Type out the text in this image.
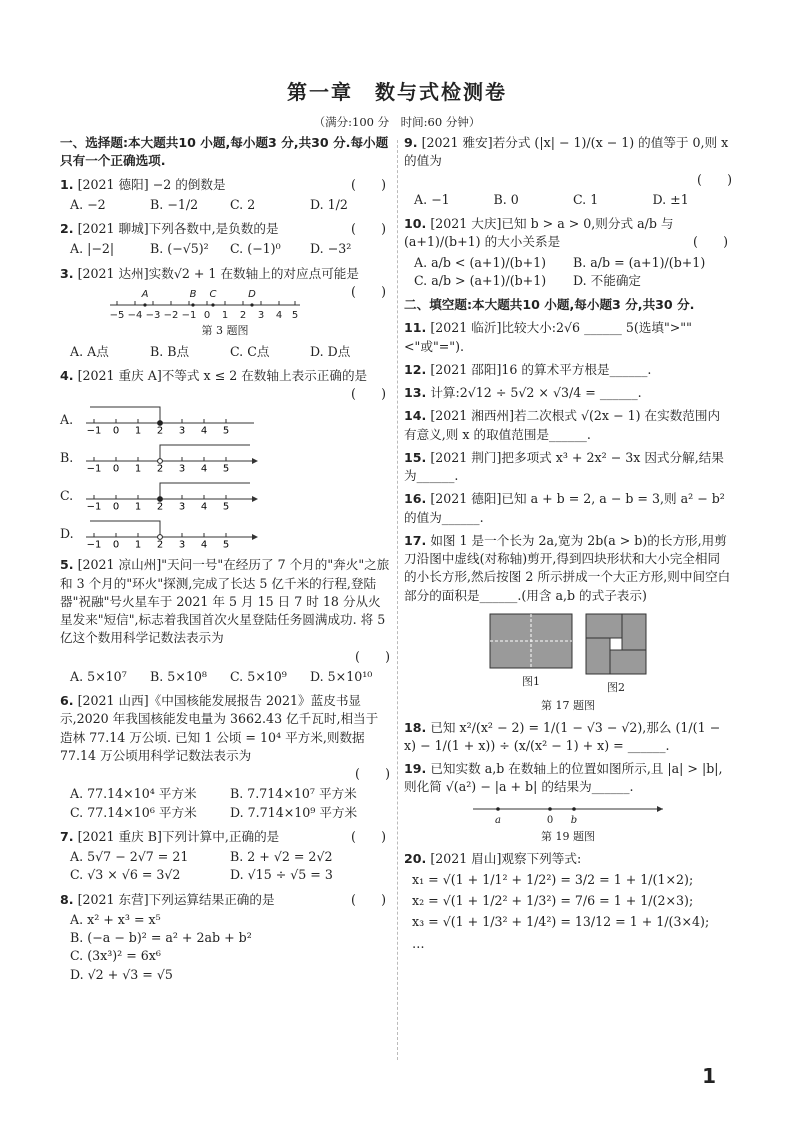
第一章　数与式检测卷
（满分:100 分　时间:60 分钟）
一、选择题:本大题共10 小题,每小题3 分,共30 分.每小题只有一个正确选项.
1. [2021 德阳] −2 的倒数是	(　　)
A. −2	B. −1/2	C. 2	D. 1/2
2. [2021 聊城]下列各数中,是负数的是	(　　)
A. |−2|	B. (−√5)²	C. (−1)⁰	D. −3²
3. [2021 达州]实数√2 + 1 在数轴上的对应点可能是
(　　)
−5 −4 −3 −2 −1 0 1 2 3 4 5
A	B C	D
第 3 题图
A. A点	B. B点	C. C点	D. D点
4. [2021 重庆 A]不等式 x ≤ 2 在数轴上表示正确的是
(　　)
A.
−1 0 1 2 3 4 5
B.
−1 0 1 2 3 4 5
C.
−1 0 1 2 3 4 5
D.
−1 0 1 2 3 4 5
5. [2021 凉山州]"天问一号"在经历了 7 个月的"奔火"之旅和 3 个月的"环火"探测,完成了长达 5 亿千米的行程,登陆器"祝融"号火星车于 2021 年 5 月 15 日 7 时 18 分从火星发来"短信",标志着我国首次火星登陆任务圆满成功. 将 5 亿这个数用科学记数法表示为
(　　)
A. 5×10⁷	B. 5×10⁸	C. 5×10⁹	D. 5×10¹⁰
6. [2021 山西]《中国核能发展报告 2021》蓝皮书显示,2020 年我国核能发电量为 3662.43 亿千瓦时,相当于造林 77.14 万公顷. 已知 1 公顷 = 10⁴ 平方米,则数据 77.14 万公顷用科学记数法表示为
(　　)
A. 77.14×10⁴ 平方米	B. 7.714×10⁷ 平方米
C. 77.14×10⁶ 平方米	D. 7.714×10⁹ 平方米
7. [2021 重庆 B]下列计算中,正确的是	(　　)
A. 5√7 − 2√7 = 21	B. 2 + √2 = 2√2
C. √3 × √6 = 3√2	D. √15 ÷ √5 = 3
8. [2021 东营]下列运算结果正确的是	(　　)
A. x² + x³ = x⁵
B. (−a − b)² = a² + 2ab + b²
C. (3x³)² = 6x⁶
D. √2 + √3 = √5
9. [2021 雅安]若分式 (|x| − 1)/(x − 1) 的值等于 0,则 x 的值为
(　　)
A. −1	B. 0	C. 1	D. ±1
10. [2021 大庆]已知 b > a > 0,则分式 a/b 与 (a+1)/(b+1) 的大小关系是	(　　)
A. a/b < (a+1)/(b+1)	B. a/b = (a+1)/(b+1)
C. a/b > (a+1)/(b+1)	D. 不能确定
二、填空题:本大题共10 小题,每小题3 分,共30 分.
11. [2021 临沂]比较大小:2√6 ______ 5(选填">""<"或"=").
12. [2021 邵阳]16 的算术平方根是______.
13. 计算:2√12 ÷ 5√2 × √3/4 = ______.
14. [2021 湘西州]若二次根式 √(2x − 1) 在实数范围内有意义,则 x 的取值范围是______.
15. [2021 荆门]把多项式 x³ + 2x² − 3x 因式分解,结果为______.
16. [2021 德阳]已知 a + b = 2, a − b = 3,则 a² − b² 的值为______.
17. 如图 1 是一个长为 2a,宽为 2b(a > b)的长方形,用剪刀沿图中虚线(对称轴)剪开,得到四块形状和大小完全相同的小长方形,然后按图 2 所示拼成一个大正方形,则中间空白部分的面积是______.(用含 a,b 的式子表示)
图1	图2
第 17 题图
18. 已知 x²/(x² − 2) = 1/(1 − √3 − √2),那么 (1/(1 − x) − 1/(1 + x)) ÷ (x/(x² − 1) + x) = ______.
19. 已知实数 a,b 在数轴上的位置如图所示,且 |a| > |b|,则化简 √(a²) − |a + b| 的结果为______.
a	0 b
第 19 题图
20. [2021 眉山]观察下列等式:
x₁ = √(1 + 1/1² + 1/2²) = 3/2 = 1 + 1/(1×2);
x₂ = √(1 + 1/2² + 1/3²) = 7/6 = 1 + 1/(2×3);
x₃ = √(1 + 1/3² + 1/4²) = 13/12 = 1 + 1/(3×4);
…
1
